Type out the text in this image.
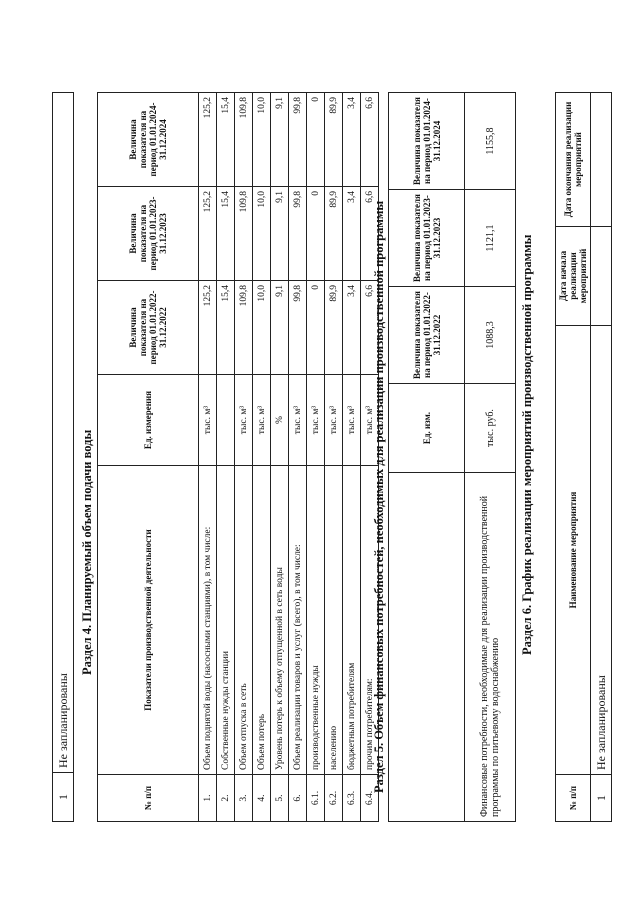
1	Не запланированы
Раздел 4. Планируемый объем подачи воды
№ п/п	Показатели производственной деятельности	Ед. измерения	Величина показателя на период 01.01.2022-31.12.2022	Величина показателя на период 01.01.2023-31.12.2023	Величина показателя на период 01.01.2024-31.12.2024
1.	Объем поднятой воды (насосными станциями), в том числе:	тыс. м³	125,2	125,2	125,2
2.	Собственные нужды станции		15,4	15,4	15,4
3.	Объем отпуска в сеть	тыс. м³	109,8	109,8	109,8
4.	Объем потерь	тыс. м³	10,0	10,0	10,0
5.	Уровень потерь к объему отпущенной в сеть воды	%	9,1	9,1	9,1
6.	Объем реализации товаров и услуг (всего), в том числе:	тыс. м³	99,8	99,8	99,8
6.1.	производственные нужды	тыс. м³	0	0	0
6.2.	населению	тыс. м³	89,9	89,9	89,9
6.3.	бюджетным потребителям	тыс. м³	3,4	3,4	3,4
6.4.	прочим потребителям:	тыс. м³	6,6	6,6	6,6
Раздел 5. Объем финансовых потребностей, необходимых для реализации производственной программы
		Ед. изм.	Величина показателя на период 01.01.2022-31.12.2022	Величина показателя на период 01.01.2023-31.12.2023	Величина показателя на период 01.01.2024-31.12.2024
Финансовые потребности, необходимые для реализации производственной программы по питьевому водоснабжению	тыс. руб.	1088,3	1121,1	1155,8
Раздел 6. График реализации мероприятий производственной программы
№ п/п	Наименование мероприятия	Дата начала реализации мероприятий	Дата окончания реализации мероприятий
1	Не запланированы		
